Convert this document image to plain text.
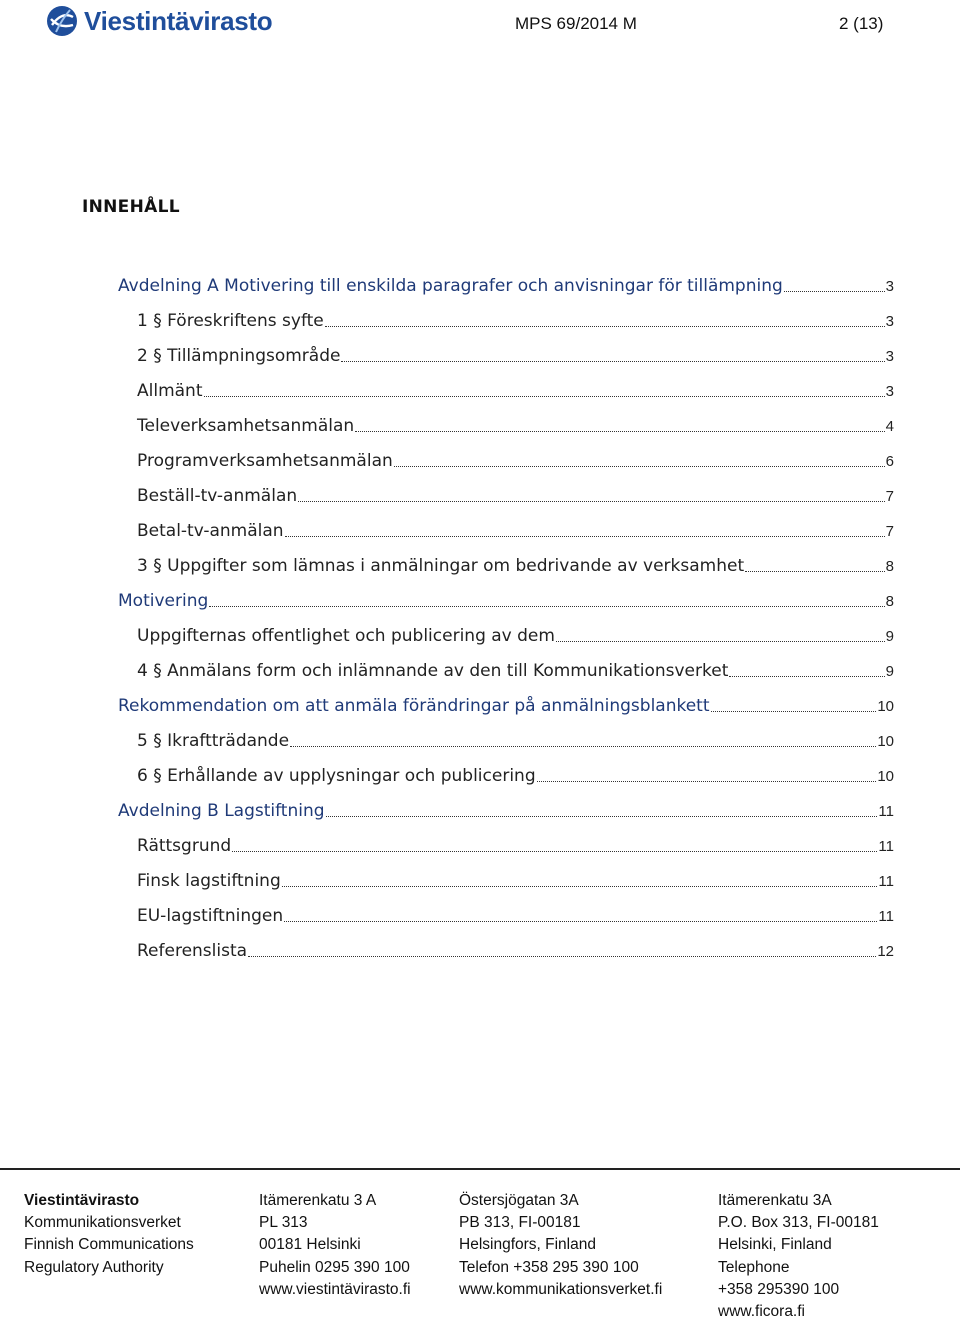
Viestintävirasto	MPS 69/2014 M	2 (13)
INNEHÅLL
Avdelning A Motivering till enskilda paragrafer och anvisningar för tillämpning	3
1 § Föreskriftens syfte	3
2 § Tillämpningsområde	3
Allmänt	3
Televerksamhetsanmälan	4
Programverksamhetsanmälan	6
Beställ-tv-anmälan	7
Betal-tv-anmälan	7
3 § Uppgifter som lämnas i anmälningar om bedrivande av verksamhet	8
Motivering	8
Uppgifternas offentlighet och publicering av dem	9
4 § Anmälans form och inlämnande av den till Kommunikationsverket	9
Rekommendation om att anmäla förändringar på anmälningsblankett	10
5 § Ikraftträdande	10
6 § Erhållande av upplysningar och publicering	10
Avdelning B Lagstiftning	11
Rättsgrund	11
Finsk lagstiftning	11
EU-lagstiftningen	11
Referenslista	12
Viestintävirasto
Kommunikationsverket
Finnish Communications
Regulatory Authority
Itämerenkatu 3 A
PL 313
00181 Helsinki
Puhelin 0295 390 100
www.viestintävirasto.fi
Östersjögatan 3A
PB 313, FI-00181
Helsingfors, Finland
Telefon +358 295 390 100
www.kommunikationsverket.fi
Itämerenkatu 3A
P.O. Box 313, FI-00181
Helsinki, Finland
Telephone
+358 295390 100
www.ficora.fi
